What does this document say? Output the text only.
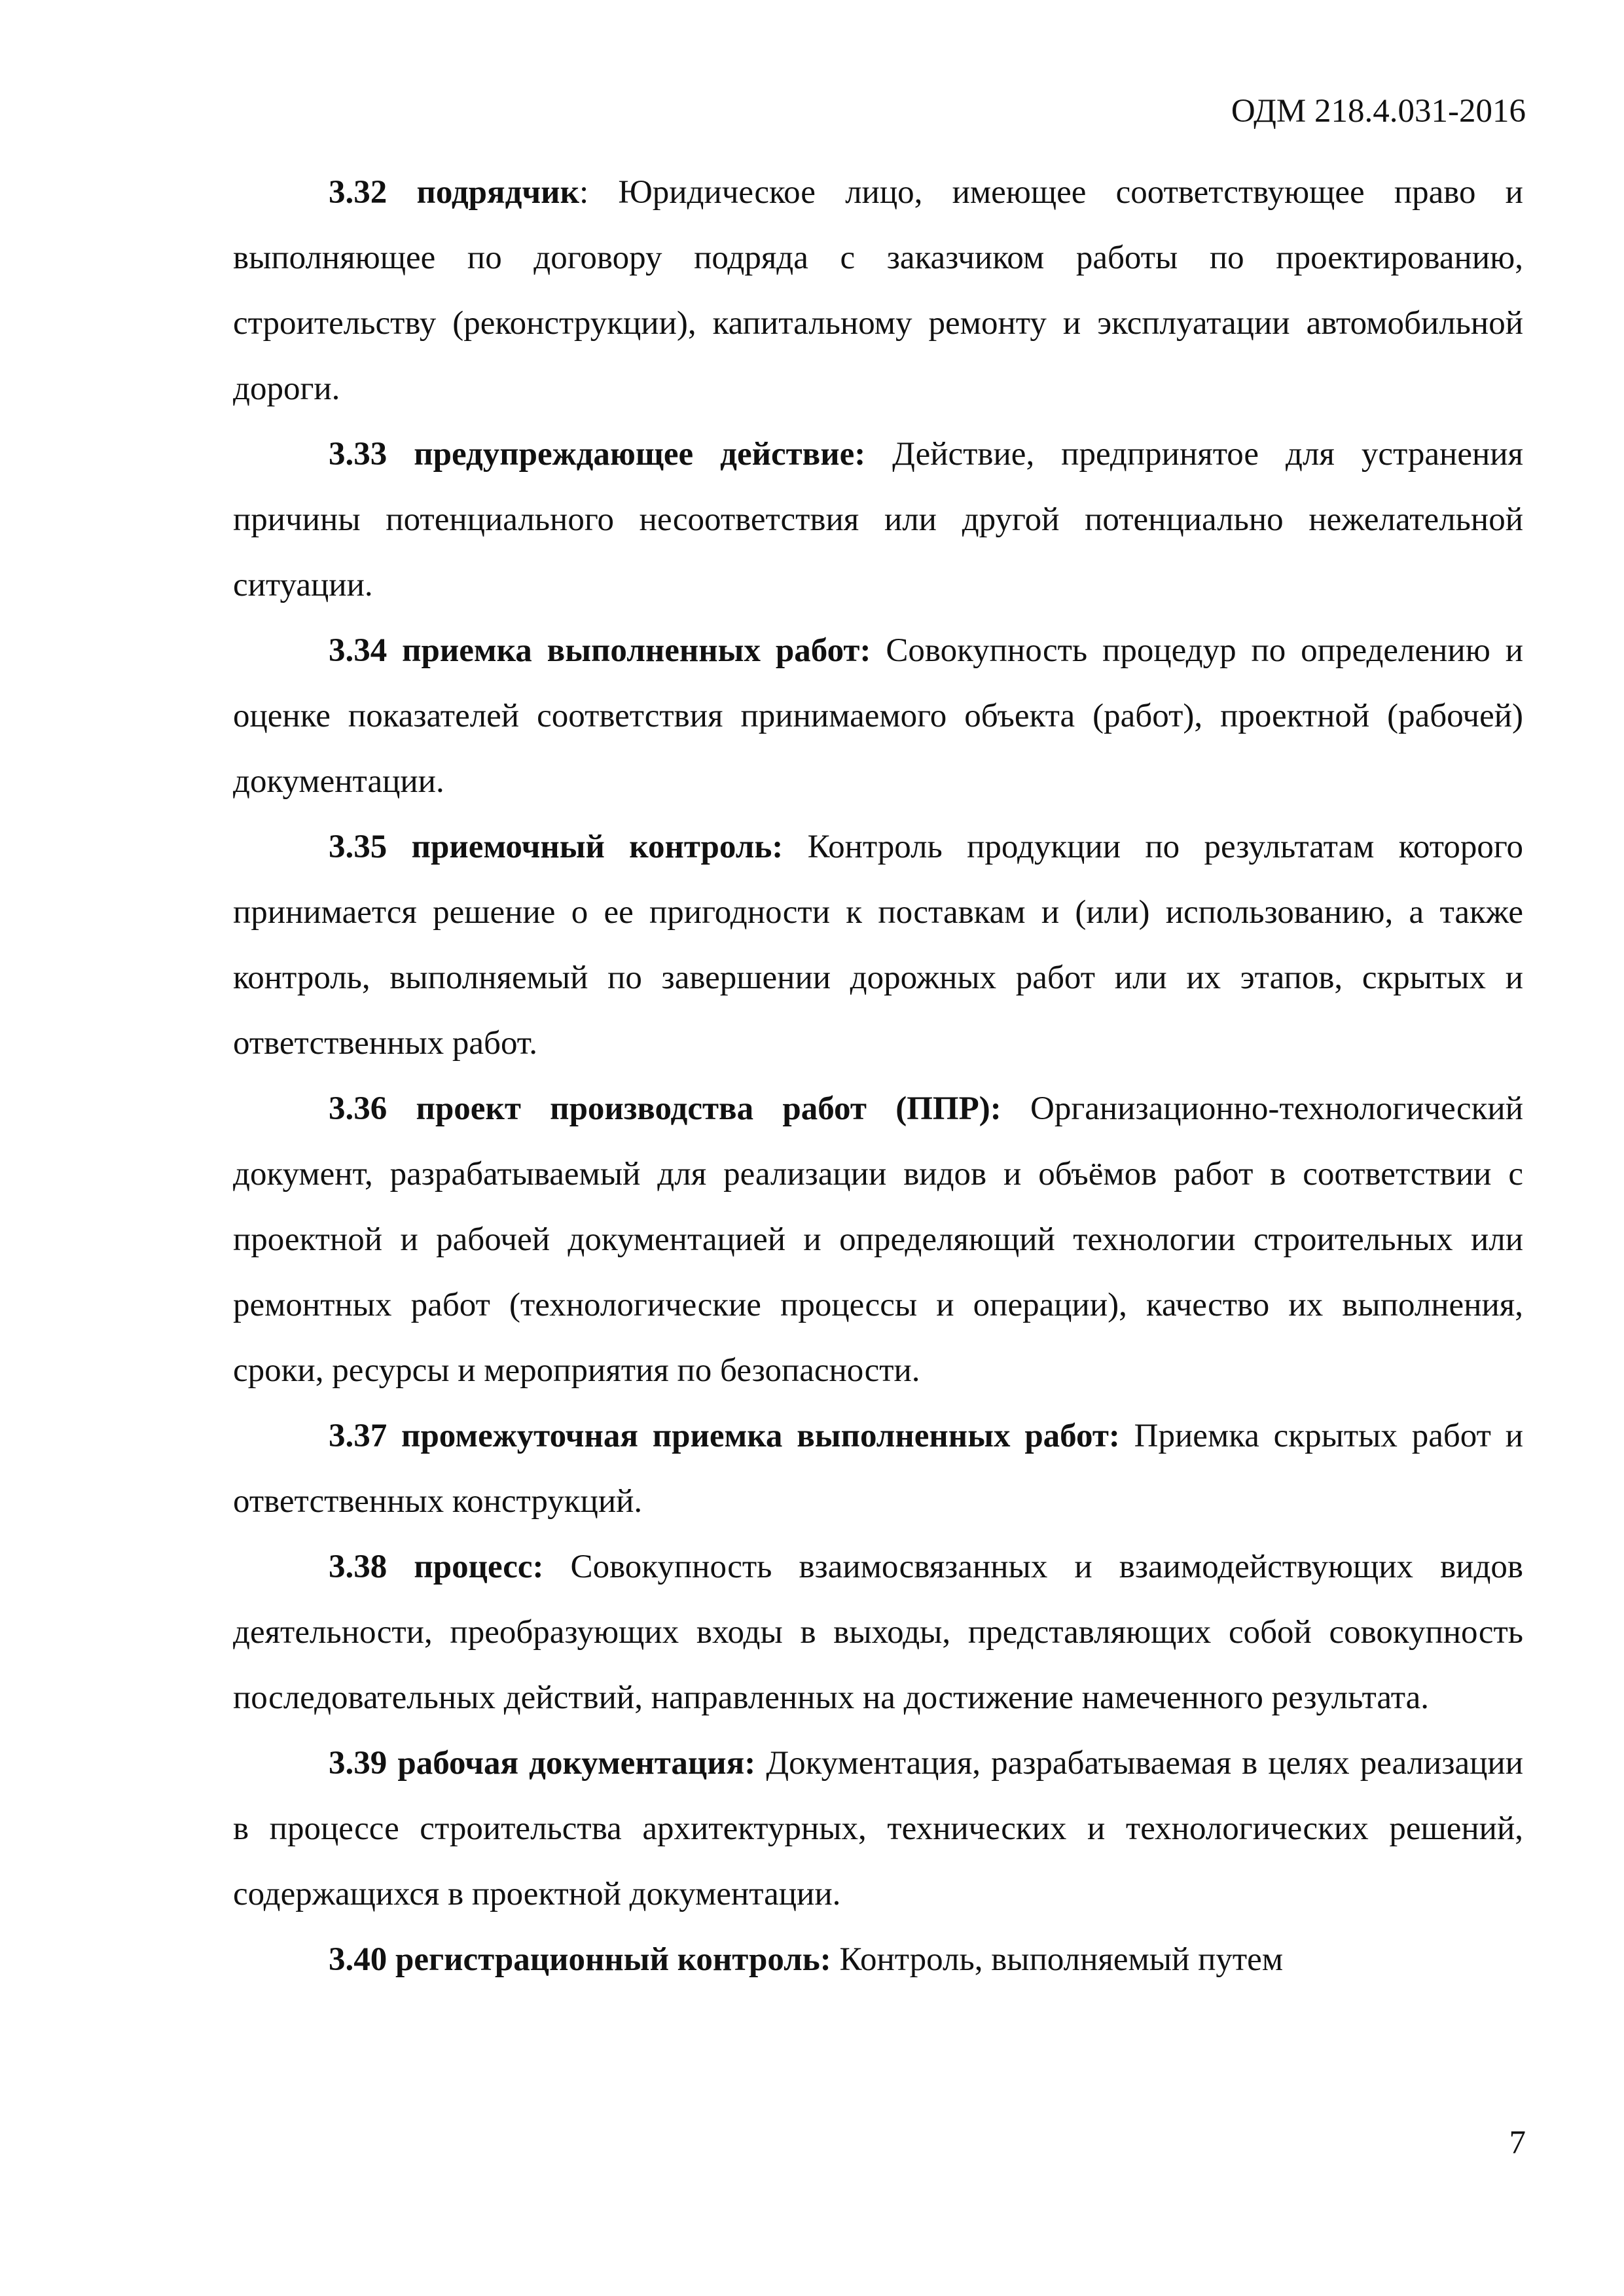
ОДМ 218.4.031-2016

3.32 подрядчик: Юридическое лицо, имеющее соответствующее право и выполняющее по договору подряда с заказчиком работы по проектированию, строительству (реконструкции), капитальному ремонту и эксплуатации автомобильной дороги.

3.33 предупреждающее действие: Действие, предпринятое для устранения причины потенциального несоответствия или другой потенциально нежелательной ситуации.

3.34 приемка выполненных работ: Совокупность процедур по определению и оценке показателей соответствия принимаемого объекта (работ), проектной (рабочей) документации.

3.35 приемочный контроль: Контроль продукции по результатам которого принимается решение о ее пригодности к поставкам и (или) использованию, а также контроль, выполняемый по завершении дорожных работ или их этапов, скрытых и ответственных работ.

3.36 проект производства работ (ППР): Организационно-технологический документ, разрабатываемый для реализации видов и объёмов работ в соответствии с проектной и рабочей документацией и определяющий технологии строительных или ремонтных работ (технологические процессы и операции), качество их выполнения, сроки, ресурсы и мероприятия по безопасности.

3.37 промежуточная приемка выполненных работ: Приемка скрытых работ и ответственных конструкций.

3.38 процесс: Совокупность взаимосвязанных и взаимодействующих видов деятельности, преобразующих входы в выходы, представляющих собой совокупность последовательных действий, направленных на достижение намеченного результата.

3.39 рабочая документация: Документация, разрабатываемая в целях реализации в процессе строительства архитектурных, технических и технологических решений, содержащихся в проектной документации.

3.40 регистрационный контроль: Контроль, выполняемый путем

7
